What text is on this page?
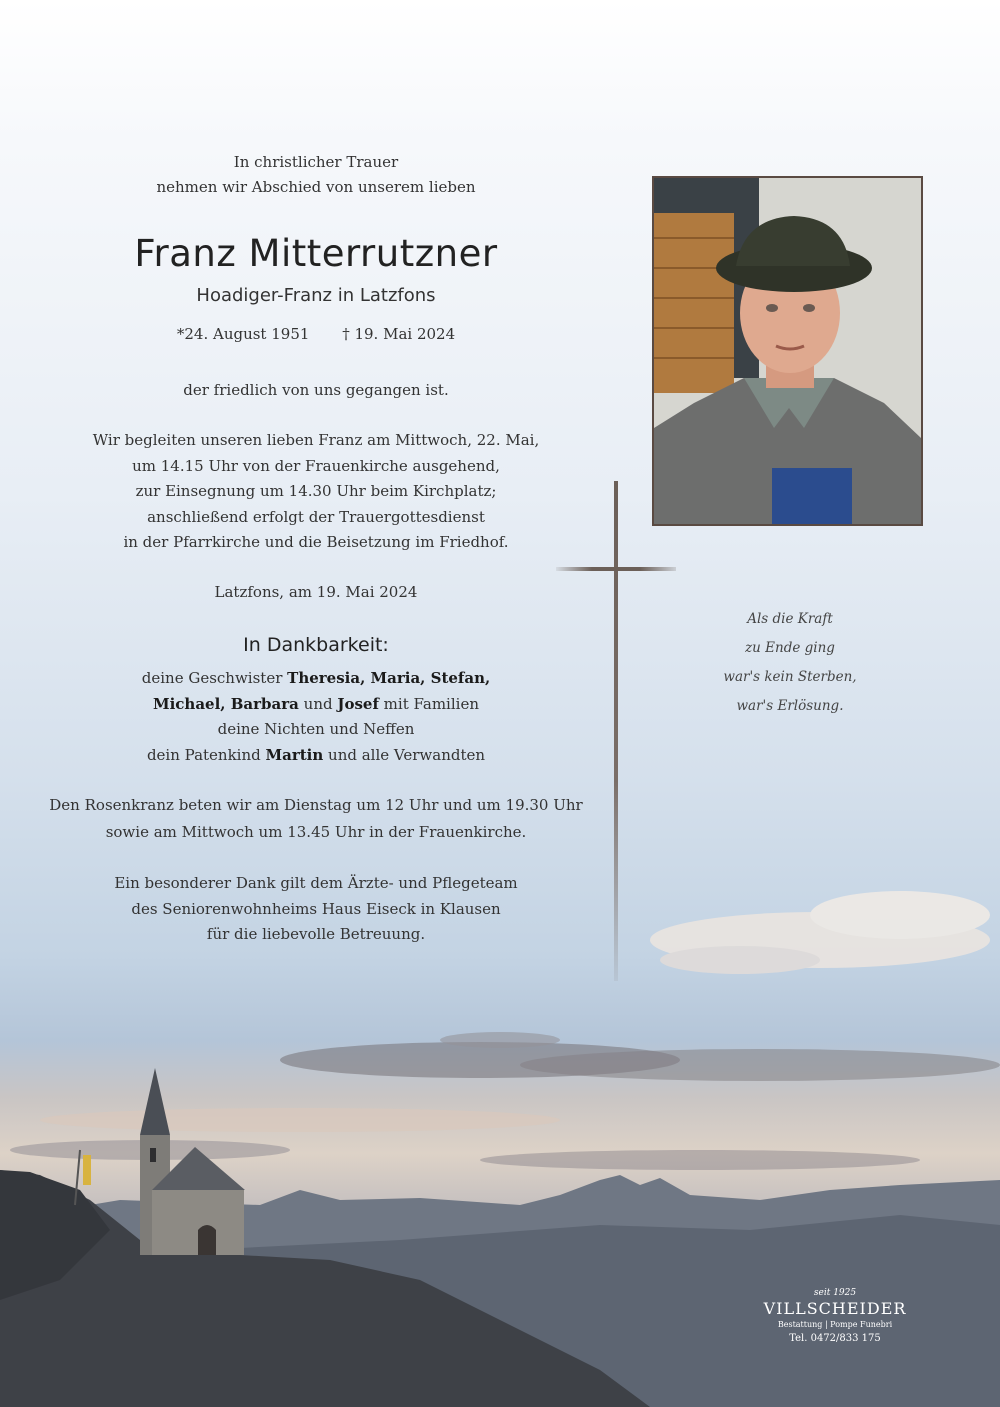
In christlicher Trauer
nehmen wir Abschied von unserem lieben
Franz Mitterrutzner
Hoadiger-Franz in Latzfons
*24. August 1951 † 19. Mai 2024
der friedlich von uns gegangen ist.
Wir begleiten unseren lieben Franz am Mittwoch, 22. Mai,
um 14.15 Uhr von der Frauenkirche ausgehend,
zur Einsegnung um 14.30 Uhr beim Kirchplatz;
anschließend erfolgt der Trauergottesdienst
in der Pfarrkirche und die Beisetzung im Friedhof.
Latzfons, am 19. Mai 2024
In Dankbarkeit:
deine Geschwister Theresia, Maria, Stefan,
Michael, Barbara und Josef mit Familien
deine Nichten und Neffen
dein Patenkind Martin und alle Verwandten
Den Rosenkranz beten wir am Dienstag um 12 Uhr und um 19.30 Uhr
sowie am Mittwoch um 13.45 Uhr in der Frauenkirche.
Ein besonderer Dank gilt dem Ärzte- und Pflegeteam
des Seniorenwohnheims Haus Eiseck in Klausen
für die liebevolle Betreuung.
Als die Kraft
zu Ende ging
war's kein Sterben,
war's Erlösung.
seit 1925
VILLSCHEIDER
Bestattung | Pompe Funebri
Tel. 0472/833 175
